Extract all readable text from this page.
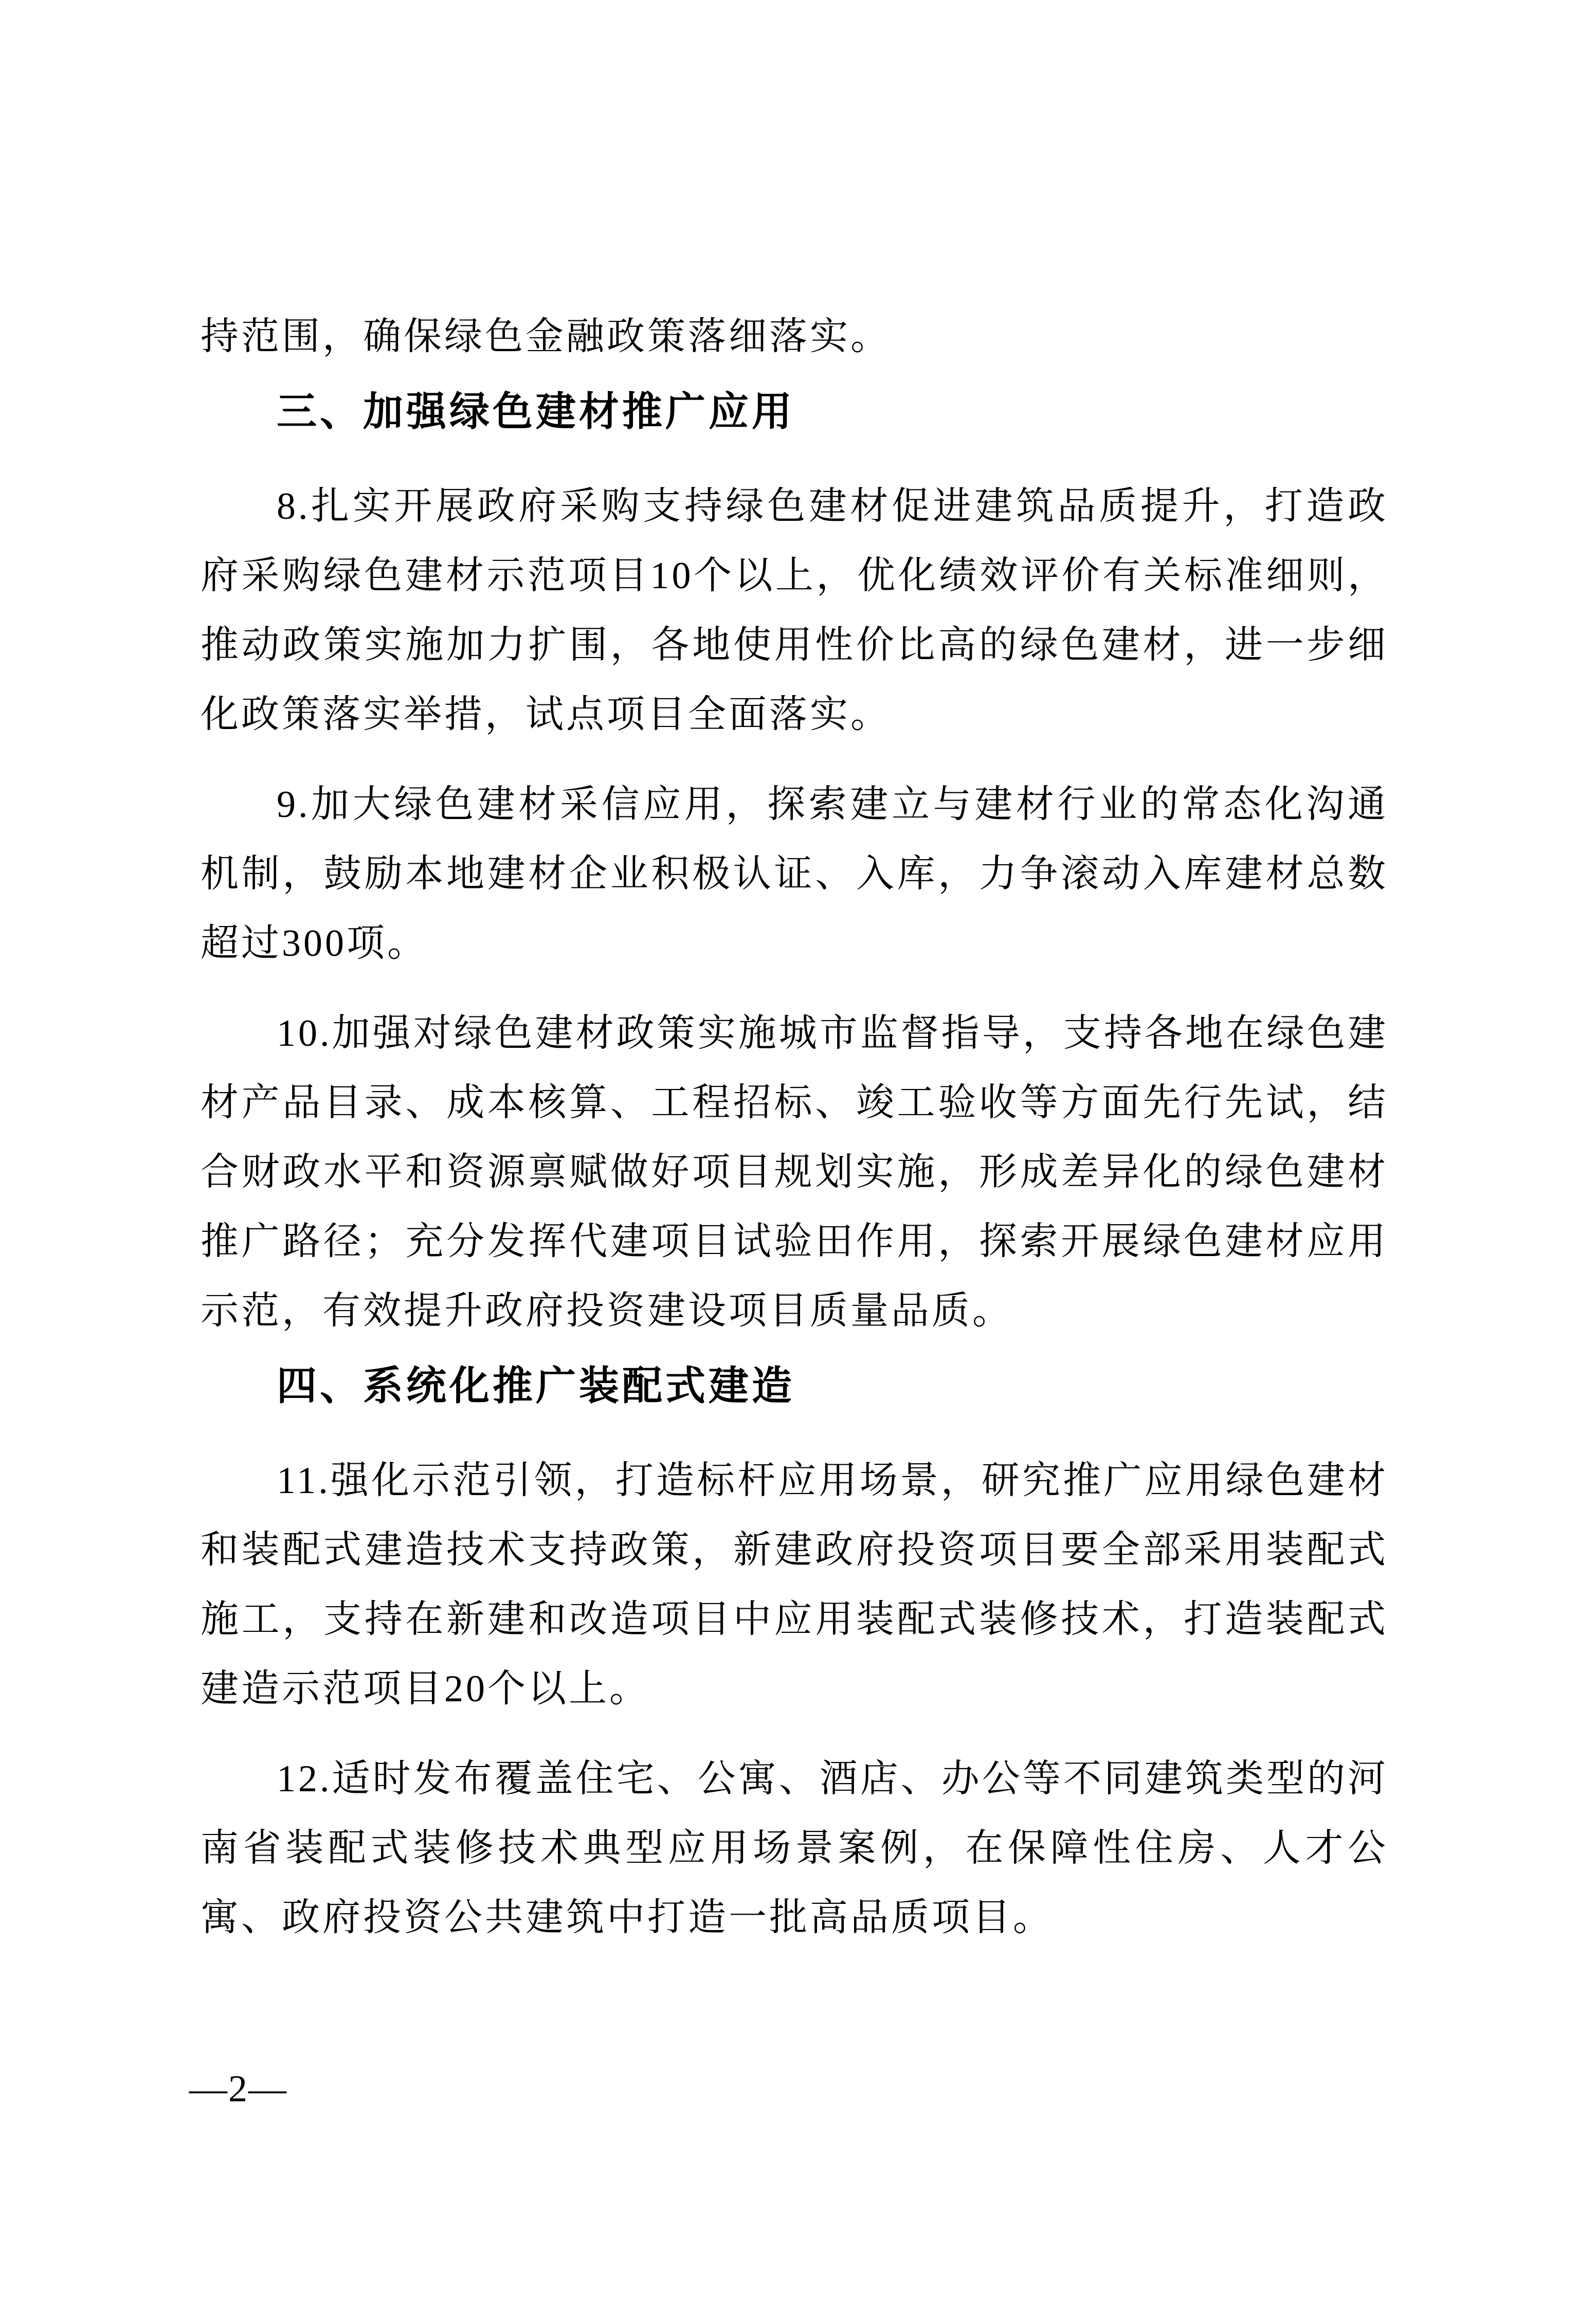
持范围，确保绿色金融政策落细落实。

三、加强绿色建材推广应用

8.扎实开展政府采购支持绿色建材促进建筑品质提升，打造政府采购绿色建材示范项目10个以上，优化绩效评价有关标准细则，推动政策实施加力扩围，各地使用性价比高的绿色建材，进一步细化政策落实举措，试点项目全面落实。

9.加大绿色建材采信应用，探索建立与建材行业的常态化沟通机制，鼓励本地建材企业积极认证、入库，力争滚动入库建材总数超过300项。

10.加强对绿色建材政策实施城市监督指导，支持各地在绿色建材产品目录、成本核算、工程招标、竣工验收等方面先行先试，结合财政水平和资源禀赋做好项目规划实施，形成差异化的绿色建材推广路径；充分发挥代建项目试验田作用，探索开展绿色建材应用示范，有效提升政府投资建设项目质量品质。

四、系统化推广装配式建造

11.强化示范引领，打造标杆应用场景，研究推广应用绿色建材和装配式建造技术支持政策，新建政府投资项目要全部采用装配式施工，支持在新建和改造项目中应用装配式装修技术，打造装配式建造示范项目20个以上。

12.适时发布覆盖住宅、公寓、酒店、办公等不同建筑类型的河南省装配式装修技术典型应用场景案例，在保障性住房、人才公寓、政府投资公共建筑中打造一批高品质项目。

—2—
